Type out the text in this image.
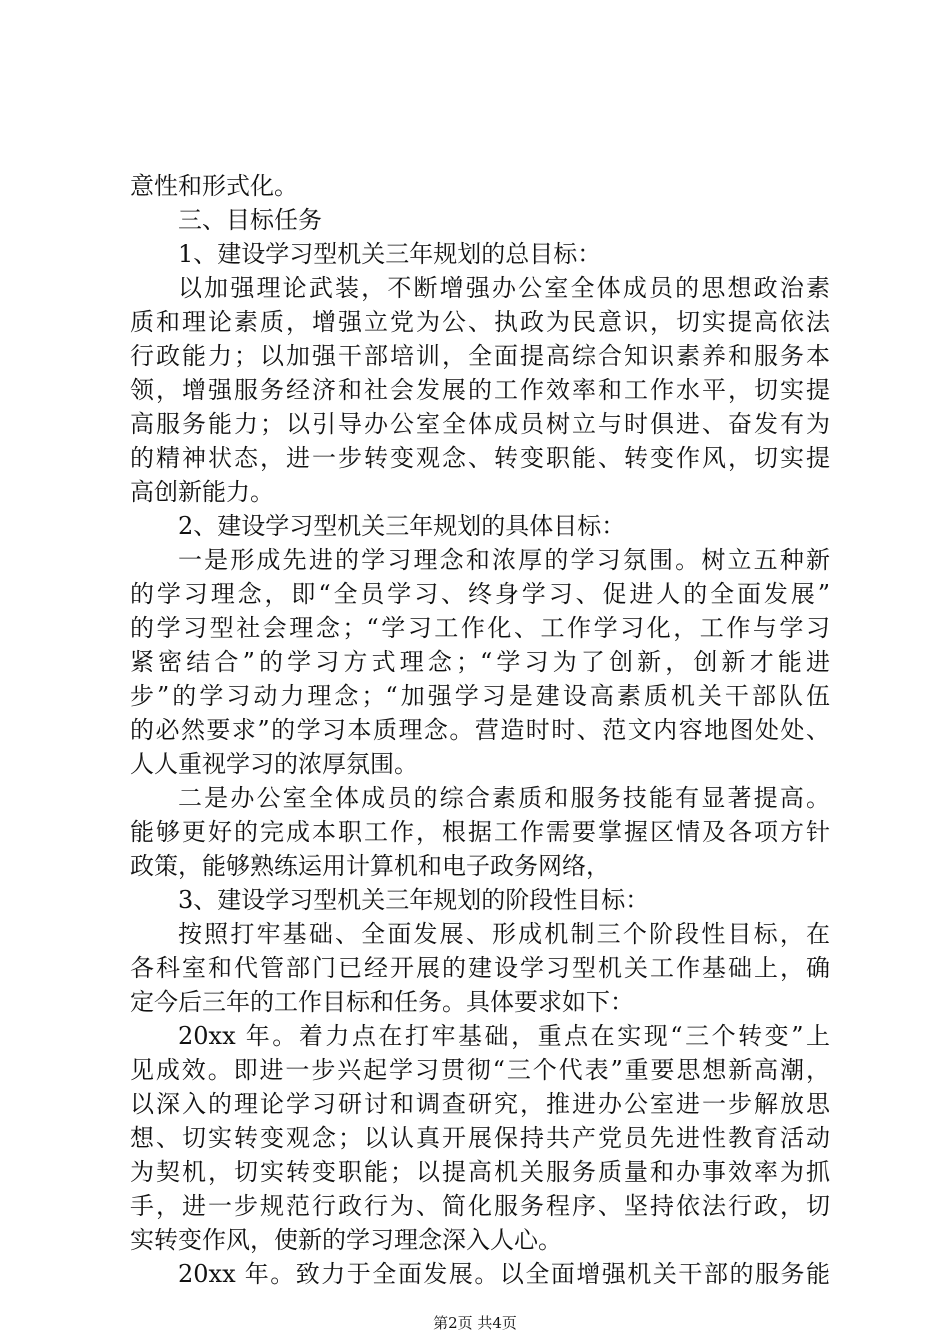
意性和形式化。
三、目标任务
1、建设学习型机关三年规划的总目标：
以加强理论武装，不断增强办公室全体成员的思想政治素
质和理论素质，增强立党为公、执政为民意识，切实提高依法
行政能力；以加强干部培训，全面提高综合知识素养和服务本
领，增强服务经济和社会发展的工作效率和工作水平，切实提
高服务能力；以引导办公室全体成员树立与时俱进、奋发有为
的精神状态，进一步转变观念、转变职能、转变作风，切实提
高创新能力。
2、建设学习型机关三年规划的具体目标：
一是形成先进的学习理念和浓厚的学习氛围。树立五种新
的学习理念，即“全员学习、终身学习、促进人的全面发展”
的学习型社会理念；“学习工作化、工作学习化，工作与学习
紧密结合”的学习方式理念；“学习为了创新，创新才能进
步”的学习动力理念；“加强学习是建设高素质机关干部队伍
的必然要求”的学习本质理念。营造时时、范文内容地图处处、
人人重视学习的浓厚氛围。
二是办公室全体成员的综合素质和服务技能有显著提高。
能够更好的完成本职工作，根据工作需要掌握区情及各项方针
政策，能够熟练运用计算机和电子政务网络，
3、建设学习型机关三年规划的阶段性目标：
按照打牢基础、全面发展、形成机制三个阶段性目标，在
各科室和代管部门已经开展的建设学习型机关工作基础上，确
定今后三年的工作目标和任务。具体要求如下：
20xx 年。着力点在打牢基础，重点在实现“三个转变”上
见成效。即进一步兴起学习贯彻“三个代表”重要思想新高潮，
以深入的理论学习研讨和调查研究，推进办公室进一步解放思
想、切实转变观念；以认真开展保持共产党员先进性教育活动
为契机，切实转变职能；以提高机关服务质量和办事效率为抓
手，进一步规范行政行为、简化服务程序、坚持依法行政，切
实转变作风，使新的学习理念深入人心。
20xx 年。致力于全面发展。以全面增强机关干部的服务能
第2页 共4页
